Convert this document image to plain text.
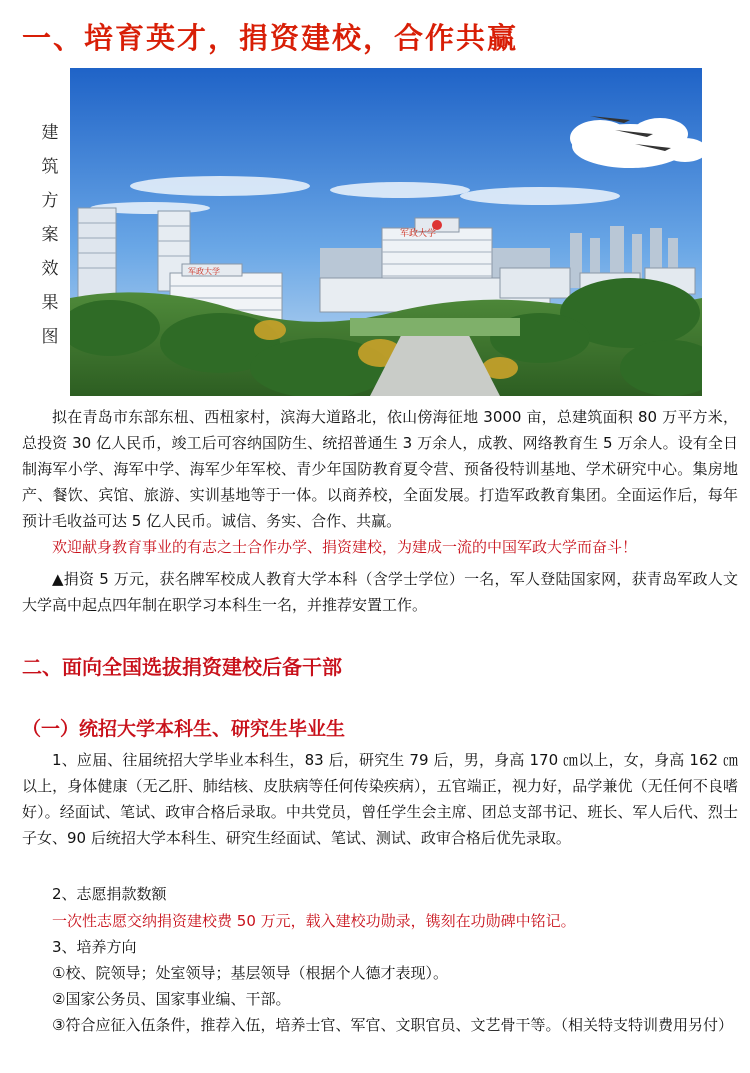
一、培育英才，捐资建校，合作共赢
建
筑
方
案
效
果
图
军政大学
军政大学

拟在青岛市东部东杻、西杻家村，滨海大道路北，依山傍海征地 3000 亩，总建筑面积 80 万平方米，总投资 30 亿人民币，竣工后可容纳国防生、统招普通生 3 万余人，成教、网络教育生 5 万余人。设有全日制海军小学、海军中学、海军少年军校、青少年国防教育夏令营、预备役特训基地、学术研究中心。集房地产、餐饮、宾馆、旅游、实训基地等于一体。以商养校，全面发展。打造军政教育集团。全面运作后，每年预计毛收益可达 5 亿人民币。诚信、务实、合作、共赢。

欢迎献身教育事业的有志之士合作办学、捐资建校，为建成一流的中国军政大学而奋斗！

▲捐资 5 万元，获名牌军校成人教育大学本科（含学士学位）一名，军人登陆国家网，获青岛军政人文大学高中起点四年制在职学习本科生一名，并推荐安置工作。

二、面向全国选拔捐资建校后备干部
（一）统招大学本科生、研究生毕业生

1、应届、往届统招大学毕业本科生，83 后，研究生 79 后，男，身高 170 ㎝以上，女，身高 162 ㎝以上，身体健康（无乙肝、肺结核、皮肤病等任何传染疾病），五官端正，视力好，品学兼优（无任何不良嗜好）。经面试、笔试、政审合格后录取。中共党员，曾任学生会主席、团总支部书记、班长、军人后代、烈士子女、90 后统招大学本科生、研究生经面试、笔试、测试、政审合格后优先录取。

2、志愿捐款数额

一次性志愿交纳捐资建校费 50 万元，载入建校功勋录，镌刻在功勋碑中铭记。

3、培养方向

①校、院领导；处室领导；基层领导（根据个人德才表现）。

②国家公务员、国家事业编、干部。

③符合应征入伍条件，推荐入伍，培养士官、军官、文职官员、文艺骨干等。（相关特支特训费用另付）
